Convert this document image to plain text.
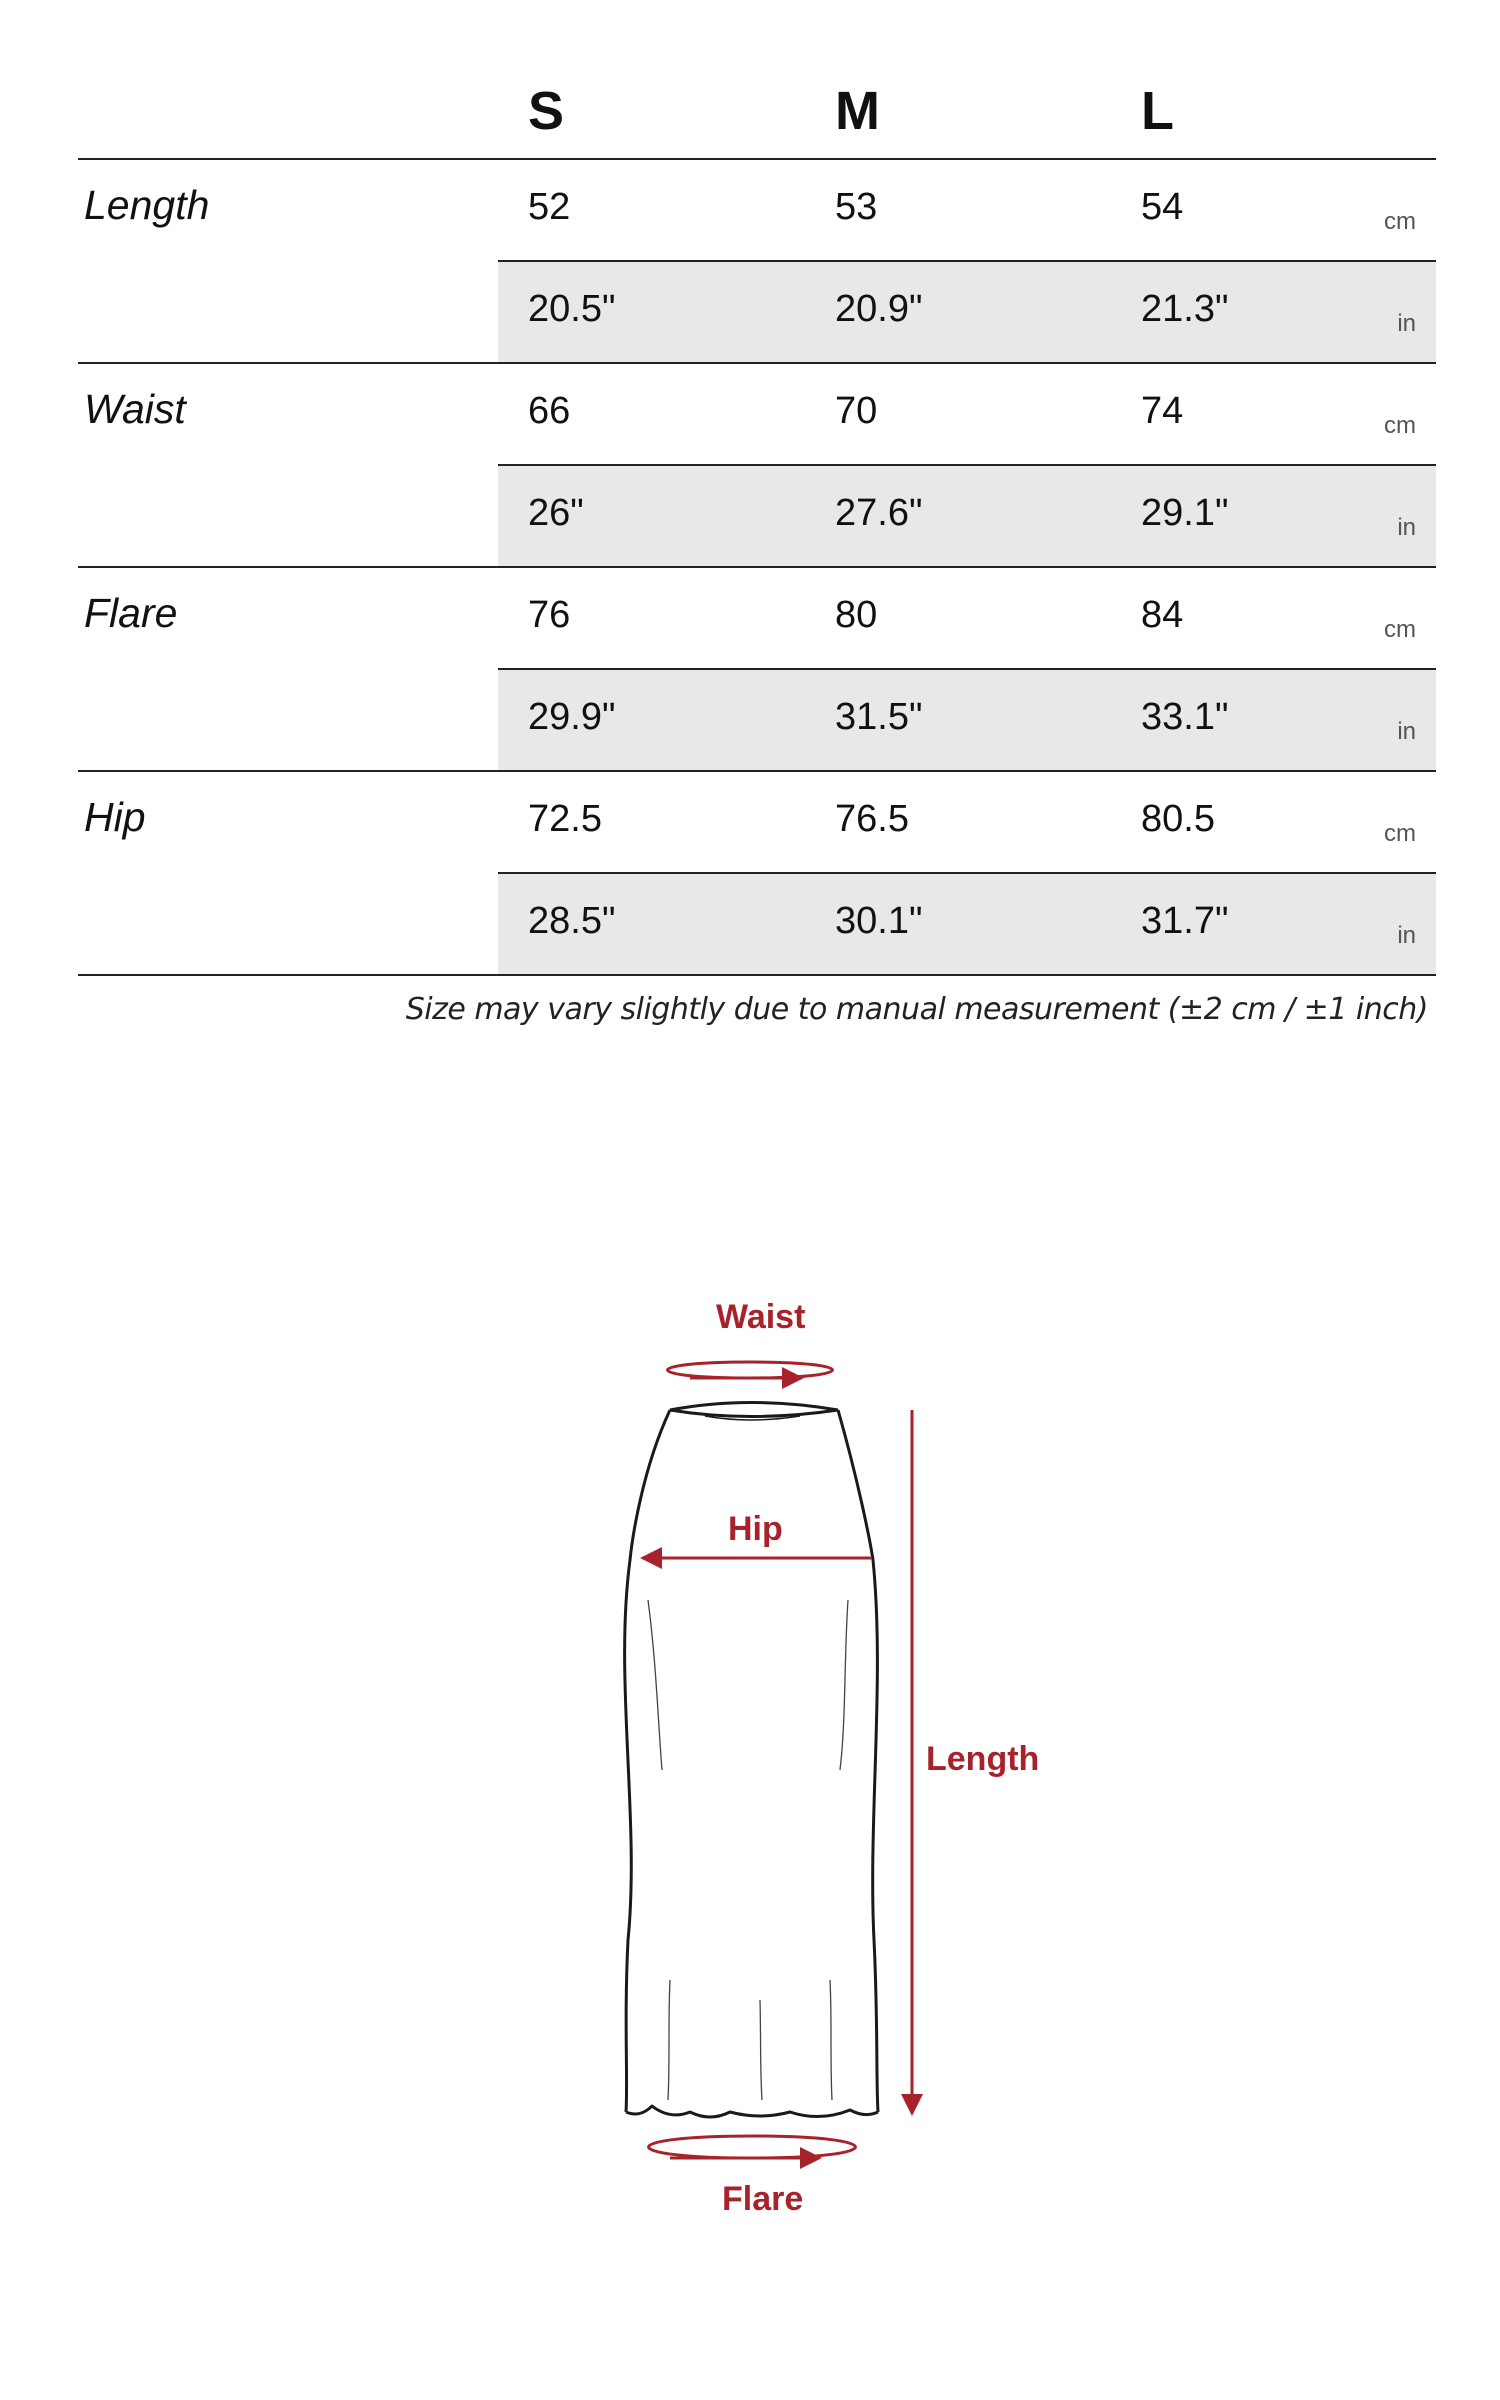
S	M	L
Length	52	53	54	cm
20.5"	20.9"	21.3"	in
Waist	66	70	74	cm
26"	27.6"	29.1"	in
Flare	76	80	84	cm
29.9"	31.5"	33.1"	in
Hip	72.5	76.5	80.5	cm
28.5"	30.1"	31.7"	in
Size may vary slightly due to manual measurement (±2 cm / ±1 inch)
Waist
Hip
Length
Flare
